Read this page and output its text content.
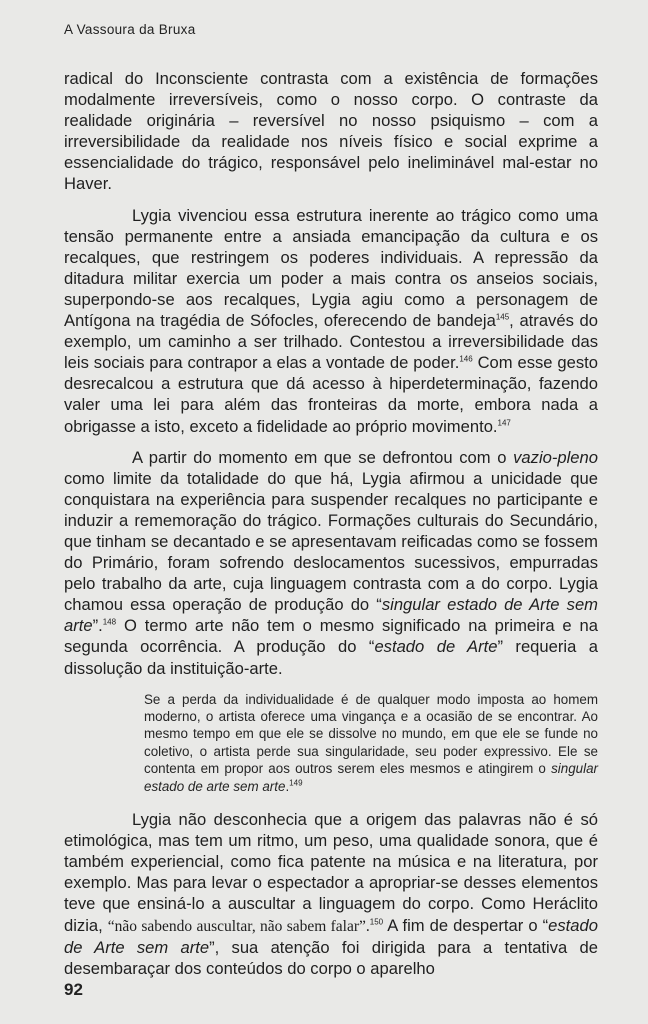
A Vassoura da Bruxa

radical do Inconsciente contrasta com a existência de formações modalmente irreversíveis, como o nosso corpo. O contraste da realidade originária – reversível no nosso psiquismo – com a irreversibilidade da realidade nos níveis físico e social exprime a essencialidade do trágico, responsável pelo ineliminável mal-estar no Haver.

Lygia vivenciou essa estrutura inerente ao trágico como uma tensão permanente entre a ansiada emancipação da cultura e os recalques, que restringem os poderes individuais. A repressão da ditadura militar exercia um poder a mais contra os anseios sociais, superpondo-se aos recalques, Lygia agiu como a personagem de Antígona na tragédia de Sófocles, oferecendo de bandeja$^{145}$, através do exemplo, um caminho a ser trilhado. Contestou a irreversibilidade das leis sociais para contrapor a elas a vontade de poder.$^{146}$ Com esse gesto desrecalcou a estrutura que dá acesso à hiperdeterminação, fazendo valer uma lei para além das fronteiras da morte, embora nada a obrigasse a isto, exceto a fidelidade ao próprio movimento.$^{147}$

A partir do momento em que se defrontou com o vazio-pleno como limite da totalidade do que há, Lygia afirmou a unicidade que conquistara na experiência para suspender recalques no participante e induzir a rememoração do trágico. Formações culturais do Secundário, que tinham se decantado e se apresentavam reificadas como se fossem do Primário, foram sofrendo deslocamentos sucessivos, empurradas pelo trabalho da arte, cuja linguagem contrasta com a do corpo. Lygia chamou essa operação de produção do “singular estado de Arte sem arte”.$^{148}$ O termo arte não tem o mesmo significado na primeira e na segunda ocorrência. A produção do “estado de Arte” requeria a dissolução da instituição-arte.

Se a perda da individualidade é de qualquer modo imposta ao homem moderno, o artista oferece uma vingança e a ocasião de se encontrar. Ao mesmo tempo em que ele se dissolve no mundo, em que ele se funde no coletivo, o artista perde sua singularidade, seu poder expressivo. Ele se contenta em propor aos outros serem eles mesmos e atingirem o singular estado de arte sem arte.$^{149}$

Lygia não desconhecia que a origem das palavras não é só etimológica, mas tem um ritmo, um peso, uma qualidade sonora, que é também experiencial, como fica patente na música e na literatura, por exemplo. Mas para levar o espectador a apropriar-se desses elementos teve que ensiná-lo a auscultar a linguagem do corpo. Como Heráclito dizia, “não sabendo auscultar, não sabem falar”.$^{150}$ A fim de despertar o “estado de Arte sem arte”, sua atenção foi dirigida para a tentativa de desembaraçar dos conteúdos do corpo o aparelho

92
